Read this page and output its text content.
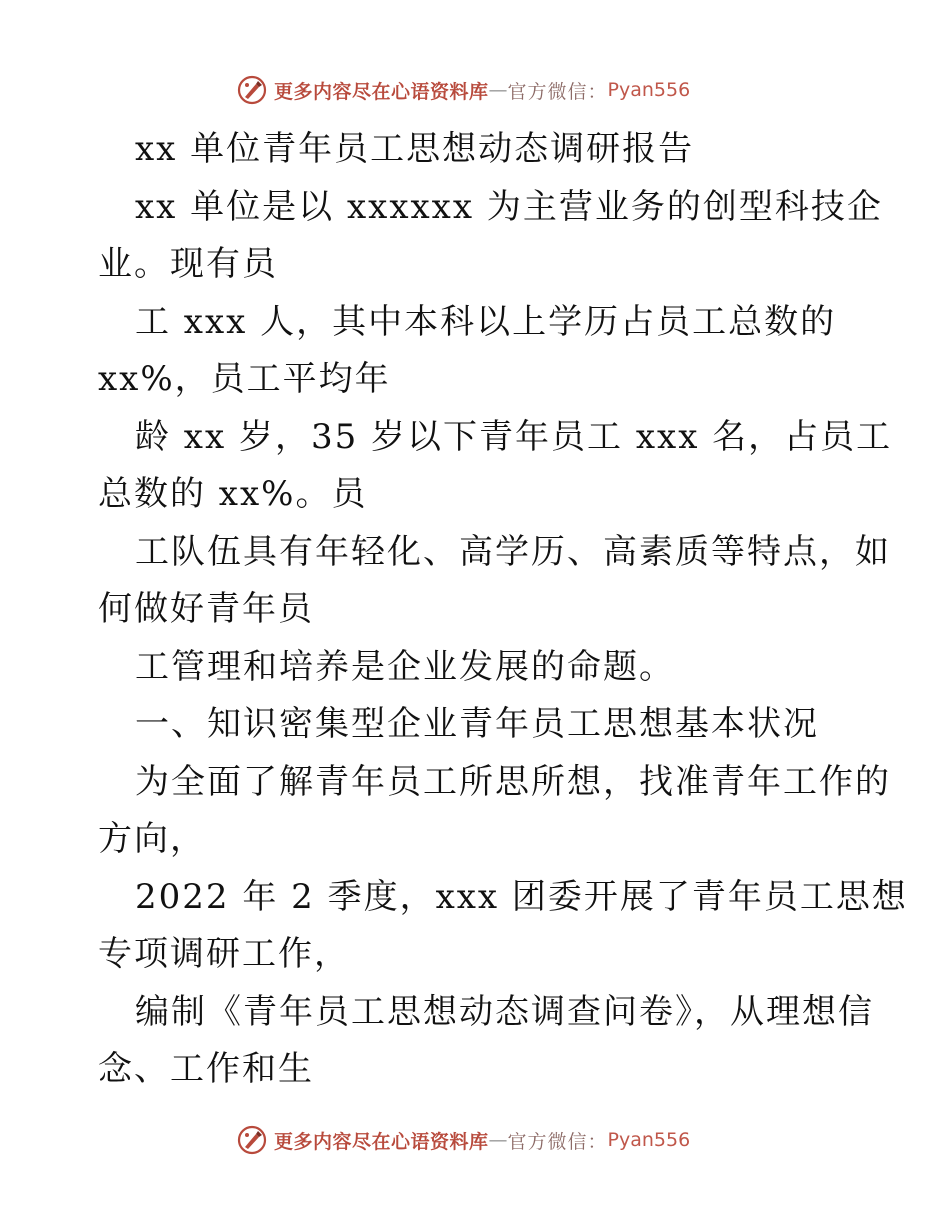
更多内容尽在心语资料库 — 官方微信： Pyan556
xx 单位青年员工思想动态调研报告
xx 单位是以 xxxxxx 为主营业务的创型科技企
业。现有员
工 xxx 人，其中本科以上学历占员工总数的
xx%，员工平均年
龄 xx 岁，35 岁以下青年员工 xxx 名，占员工
总数的 xx%。员
工队伍具有年轻化、高学历、高素质等特点，如
何做好青年员
工管理和培养是企业发展的命题。
一、知识密集型企业青年员工思想基本状况
为全面了解青年员工所思所想，找准青年工作的
方向，
2022 年 2 季度，xxx 团委开展了青年员工思想
专项调研工作，
编制《青年员工思想动态调查问卷》，从理想信
念、工作和生
更多内容尽在心语资料库 — 官方微信： Pyan556
